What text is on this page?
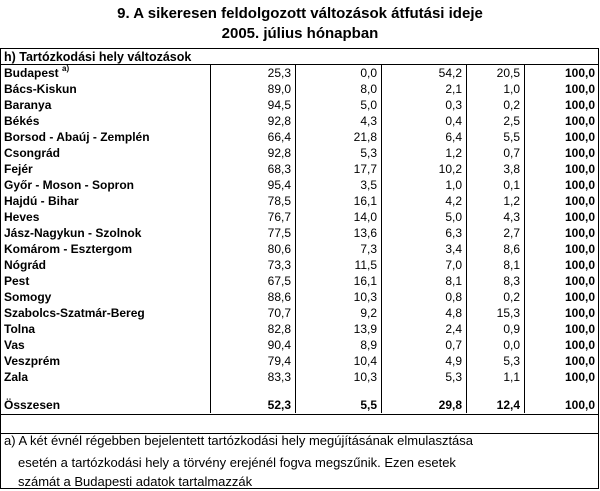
9. A sikeresen feldolgozott változások átfutási ideje
2005. július hónapban
h) Tartózkodási hely változások
Budapest $^{a)}$	25,3	0,0	54,2	20,5	100,0
Bács-Kiskun	89,0	8,0	2,1	1,0	100,0
Baranya	94,5	5,0	0,3	0,2	100,0
Békés	92,8	4,3	0,4	2,5	100,0
Borsod - Abaúj - Zemplén	66,4	21,8	6,4	5,5	100,0
Csongrád	92,8	5,3	1,2	0,7	100,0
Fejér	68,3	17,7	10,2	3,8	100,0
Győr - Moson - Sopron	95,4	3,5	1,0	0,1	100,0
Hajdú - Bihar	78,5	16,1	4,2	1,2	100,0
Heves	76,7	14,0	5,0	4,3	100,0
Jász-Nagykun - Szolnok	77,5	13,6	6,3	2,7	100,0
Komárom - Esztergom	80,6	7,3	3,4	8,6	100,0
Nógrád	73,3	11,5	7,0	8,1	100,0
Pest	67,5	16,1	8,1	8,3	100,0
Somogy	88,6	10,3	0,8	0,2	100,0
Szabolcs-Szatmár-Bereg	70,7	9,2	4,8	15,3	100,0
Tolna	82,8	13,9	2,4	0,9	100,0
Vas	90,4	8,9	0,7	0,0	100,0
Veszprém	79,4	10,4	4,9	5,3	100,0
Zala	83,3	10,3	5,3	1,1	100,0
Összesen	52,3	5,5	29,8	12,4	100,0
a) A két évnél régebben bejelentett tartózkodási hely megújításának elmulasztása
esetén a tartózkodási hely a törvény erejénél fogva megszűnik. Ezen esetek
számát a Budapesti adatok tartalmazzák
